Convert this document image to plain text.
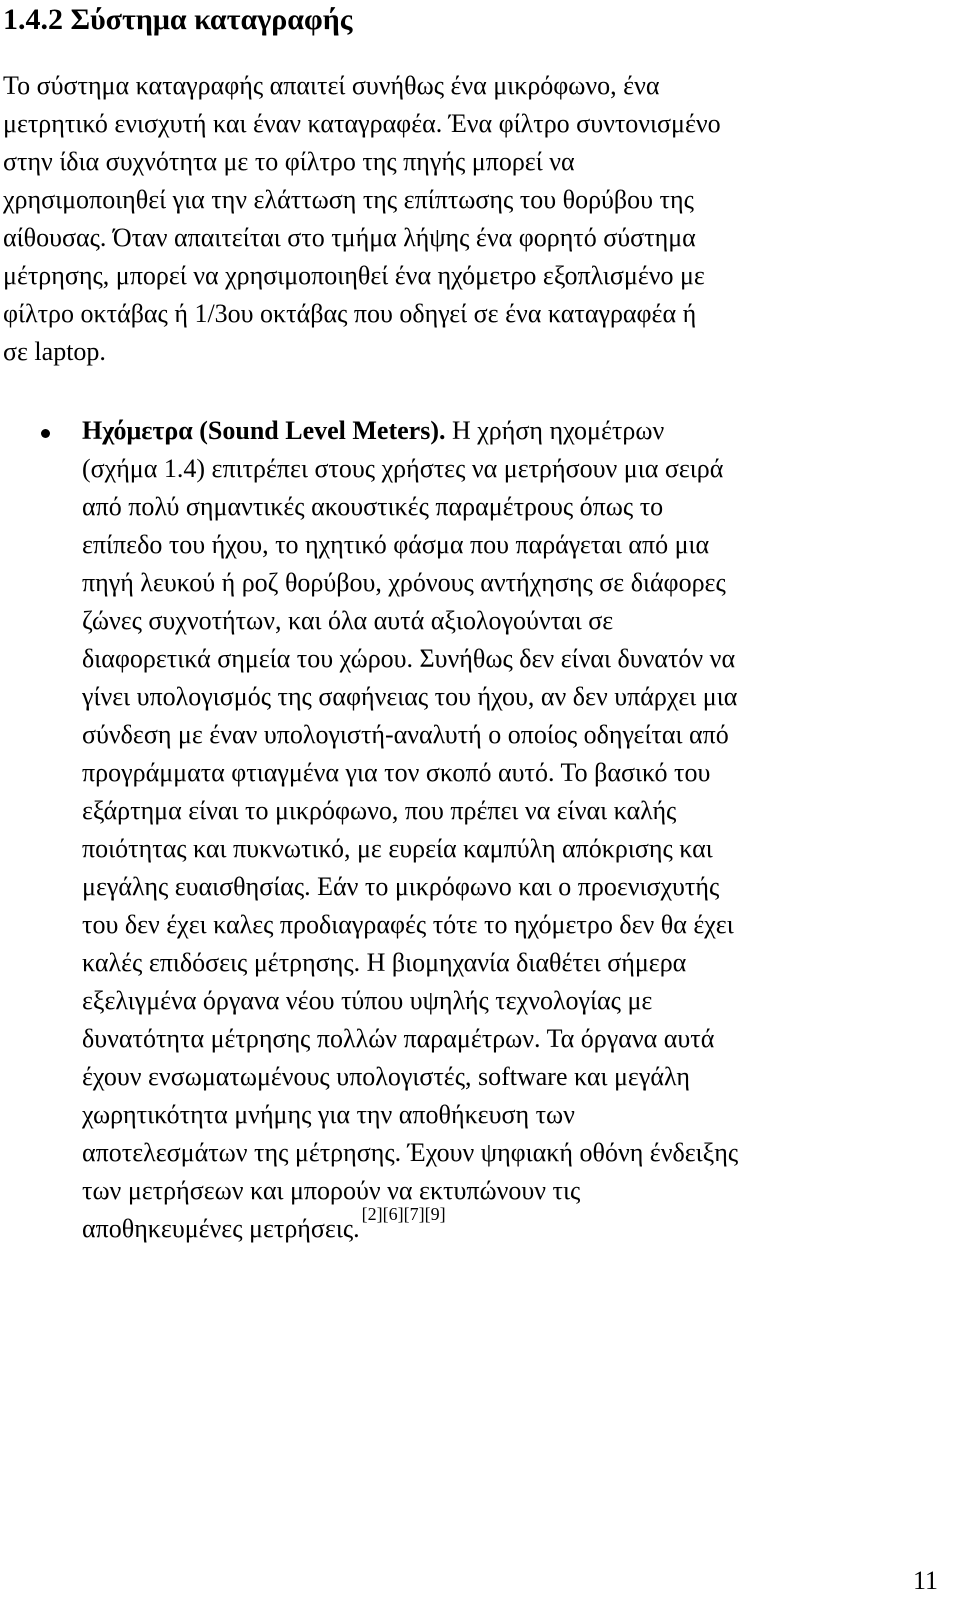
1.4.2 Σύστημα καταγραφής

Το σύστημα καταγραφής απαιτεί συνήθως ένα μικρόφωνο, ένα
μετρητικό ενισχυτή και έναν καταγραφέα. Ένα φίλτρο συντονισμένο
στην ίδια συχνότητα με το φίλτρο της πηγής μπορεί να
χρησιμοποιηθεί για την ελάττωση της επίπτωσης του θορύβου της
αίθουσας. Όταν απαιτείται στο τμήμα λήψης ένα φορητό σύστημα
μέτρησης, μπορεί να χρησιμοποιηθεί ένα ηχόμετρο εξοπλισμένο με
φίλτρο οκτάβας ή 1/3ου οκτάβας που οδηγεί σε ένα καταγραφέα ή
σε laptop.

Ηχόμετρα (Sound Level Meters). Η χρήση ηχομέτρων
(σχήμα 1.4) επιτρέπει στους χρήστες να μετρήσουν μια σειρά
από πολύ σημαντικές ακουστικές παραμέτρους όπως το
επίπεδο του ήχου, το ηχητικό φάσμα που παράγεται από μια
πηγή λευκού ή ροζ θορύβου, χρόνους αντήχησης σε διάφορες
ζώνες συχνοτήτων, και όλα αυτά αξιολογούνται σε
διαφορετικά σημεία του χώρου. Συνήθως δεν είναι δυνατόν να
γίνει υπολογισμός της σαφήνειας του ήχου, αν δεν υπάρχει μια
σύνδεση με έναν υπολογιστή-αναλυτή ο οποίος οδηγείται από
προγράμματα φτιαγμένα για τον σκοπό αυτό. Το βασικό του
εξάρτημα είναι το μικρόφωνο, που πρέπει να είναι καλής
ποιότητας και πυκνωτικό, με ευρεία καμπύλη απόκρισης και
μεγάλης ευαισθησίας. Εάν το μικρόφωνο και ο προενισχυτής
του δεν έχει καλες προδιαγραφές τότε το ηχόμετρο δεν θα έχει
καλές επιδόσεις μέτρησης. Η βιομηχανία διαθέτει σήμερα
εξελιγμένα όργανα νέου τύπου υψηλής τεχνολογίας με
δυνατότητα μέτρησης πολλών παραμέτρων. Τα όργανα αυτά
έχουν ενσωματωμένους υπολογιστές, software και μεγάλη
χωρητικότητα μνήμης για την αποθήκευση των
αποτελεσμάτων της μέτρησης. Έχουν ψηφιακή οθόνη ένδειξης
των μετρήσεων και μπορούν να εκτυπώνουν τις
αποθηκευμένες μετρήσεις. [2][6][7][9]

11
